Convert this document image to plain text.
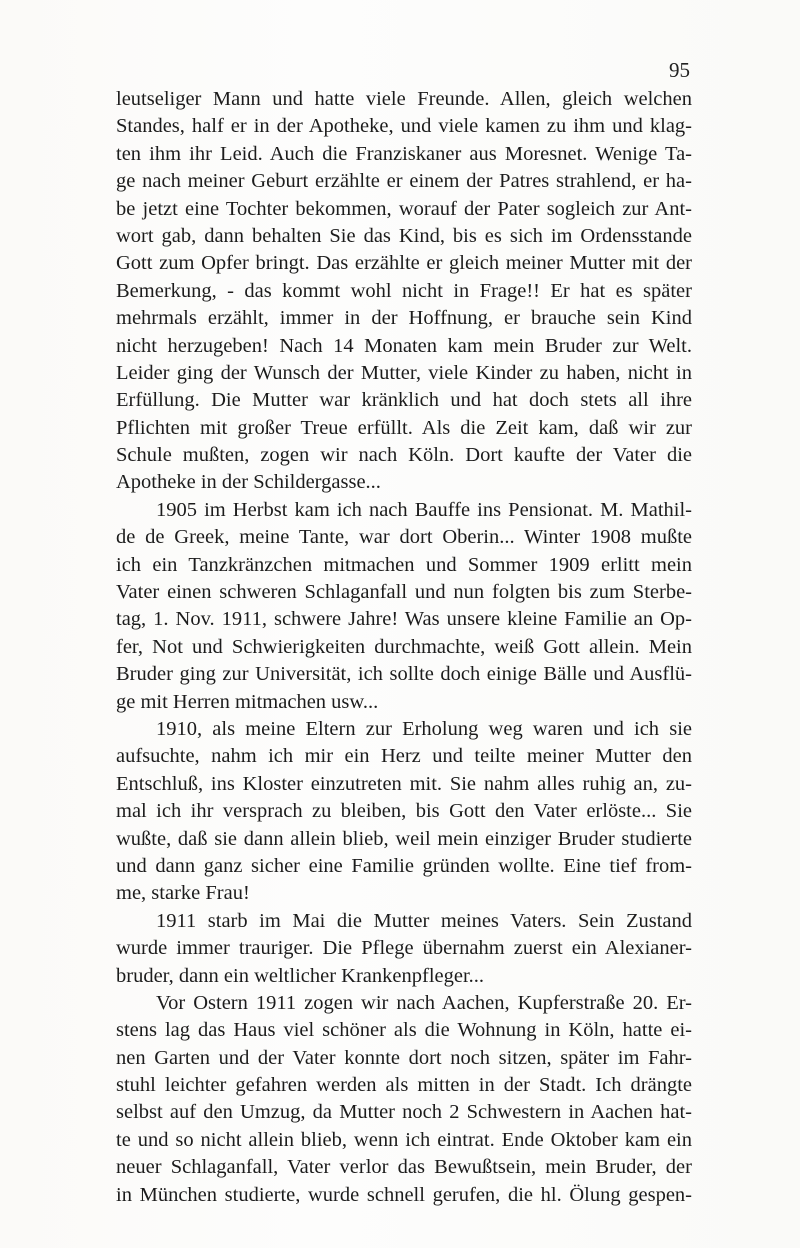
95
leutseliger Mann und hatte viele Freunde. Allen, gleich welchen
Standes, half er in der Apotheke, und viele kamen zu ihm und klag-
ten ihm ihr Leid. Auch die Franziskaner aus Moresnet. Wenige Ta-
ge nach meiner Geburt erzählte er einem der Patres strahlend, er ha-
be jetzt eine Tochter bekommen, worauf der Pater sogleich zur Ant-
wort gab, dann behalten Sie das Kind, bis es sich im Ordensstande
Gott zum Opfer bringt. Das erzählte er gleich meiner Mutter mit der
Bemerkung, - das kommt wohl nicht in Frage!! Er hat es später
mehrmals erzählt, immer in der Hoffnung, er brauche sein Kind
nicht herzugeben! Nach 14 Monaten kam mein Bruder zur Welt.
Leider ging der Wunsch der Mutter, viele Kinder zu haben, nicht in
Erfüllung. Die Mutter war kränklich und hat doch stets all ihre
Pflichten mit großer Treue erfüllt. Als die Zeit kam, daß wir zur
Schule mußten, zogen wir nach Köln. Dort kaufte der Vater die
Apotheke in der Schildergasse...
1905 im Herbst kam ich nach Bauffe ins Pensionat. M. Mathil-
de de Greek, meine Tante, war dort Oberin... Winter 1908 mußte
ich ein Tanzkränzchen mitmachen und Sommer 1909 erlitt mein
Vater einen schweren Schlaganfall und nun folgten bis zum Sterbe-
tag, 1. Nov. 1911, schwere Jahre! Was unsere kleine Familie an Op-
fer, Not und Schwierigkeiten durchmachte, weiß Gott allein. Mein
Bruder ging zur Universität, ich sollte doch einige Bälle und Ausflü-
ge mit Herren mitmachen usw...
1910, als meine Eltern zur Erholung weg waren und ich sie
aufsuchte, nahm ich mir ein Herz und teilte meiner Mutter den
Entschluß, ins Kloster einzutreten mit. Sie nahm alles ruhig an, zu-
mal ich ihr versprach zu bleiben, bis Gott den Vater erlöste... Sie
wußte, daß sie dann allein blieb, weil mein einziger Bruder studierte
und dann ganz sicher eine Familie gründen wollte. Eine tief from-
me, starke Frau!
1911 starb im Mai die Mutter meines Vaters. Sein Zustand
wurde immer trauriger. Die Pflege übernahm zuerst ein Alexianer-
bruder, dann ein weltlicher Krankenpfleger...
Vor Ostern 1911 zogen wir nach Aachen, Kupferstraße 20. Er-
stens lag das Haus viel schöner als die Wohnung in Köln, hatte ei-
nen Garten und der Vater konnte dort noch sitzen, später im Fahr-
stuhl leichter gefahren werden als mitten in der Stadt. Ich drängte
selbst auf den Umzug, da Mutter noch 2 Schwestern in Aachen hat-
te und so nicht allein blieb, wenn ich eintrat. Ende Oktober kam ein
neuer Schlaganfall, Vater verlor das Bewußtsein, mein Bruder, der
in München studierte, wurde schnell gerufen, die hl. Ölung gespen-
